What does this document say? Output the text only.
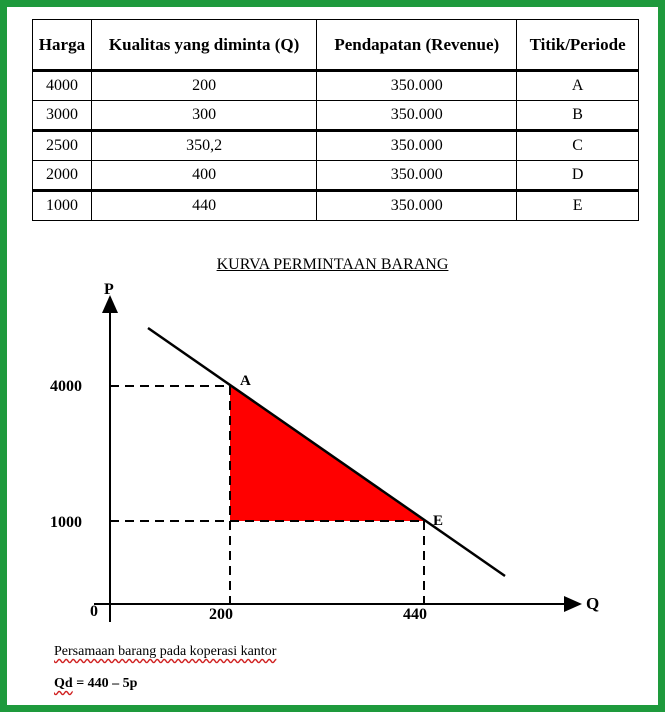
Harga	Kualitas yang diminta (Q)	Pendapatan (Revenue)	Titik/Periode
4000	200	350.000	A
3000	300	350.000	B
2500	350,2	350.000	C
2000	400	350.000	D
1000	440	350.000	E
KURVA PERMINTAAN BARANG
P
Q
4000
1000
0	200	440
A
E
Persamaan barang pada koperasi kantor
Qd = 440 – 5p
